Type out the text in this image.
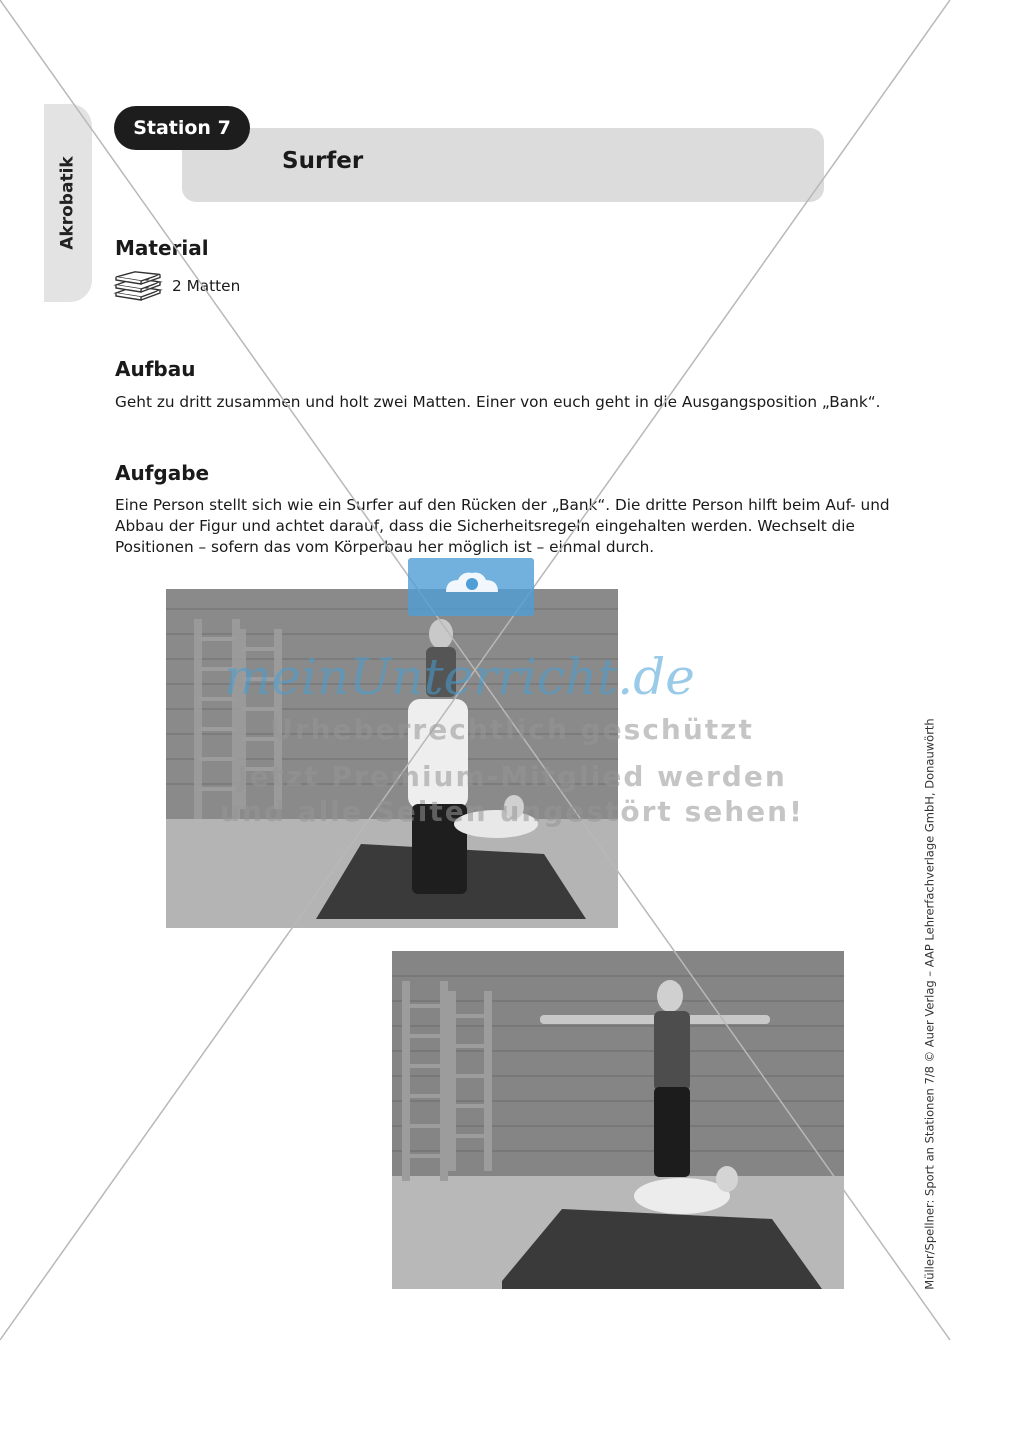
Akrobatik
Station 7
Surfer
Material
2 Matten
Aufbau
Geht zu dritt zusammen und holt zwei Matten. Einer von euch geht in die Ausgangsposition „Bank“.
Aufgabe
Eine Person stellt sich wie ein Surfer auf den Rücken der „Bank“. Die dritte Person hilft beim Auf- und
Abbau der Figur und achtet darauf, dass die Sicherheitsregeln eingehalten werden. Wechselt die
Positionen – sofern das vom Körperbau her möglich ist – einmal durch.
meinUnterricht.de
Urheberrechtlich geschützt
Jetzt Premium-Mitglied werden
und alle Seiten ungestört sehen!	Müller/Spellner: Sport an Stationen 7/8 © Auer Verlag – AAP Lehrerfachverlage GmbH, Donauwörth
